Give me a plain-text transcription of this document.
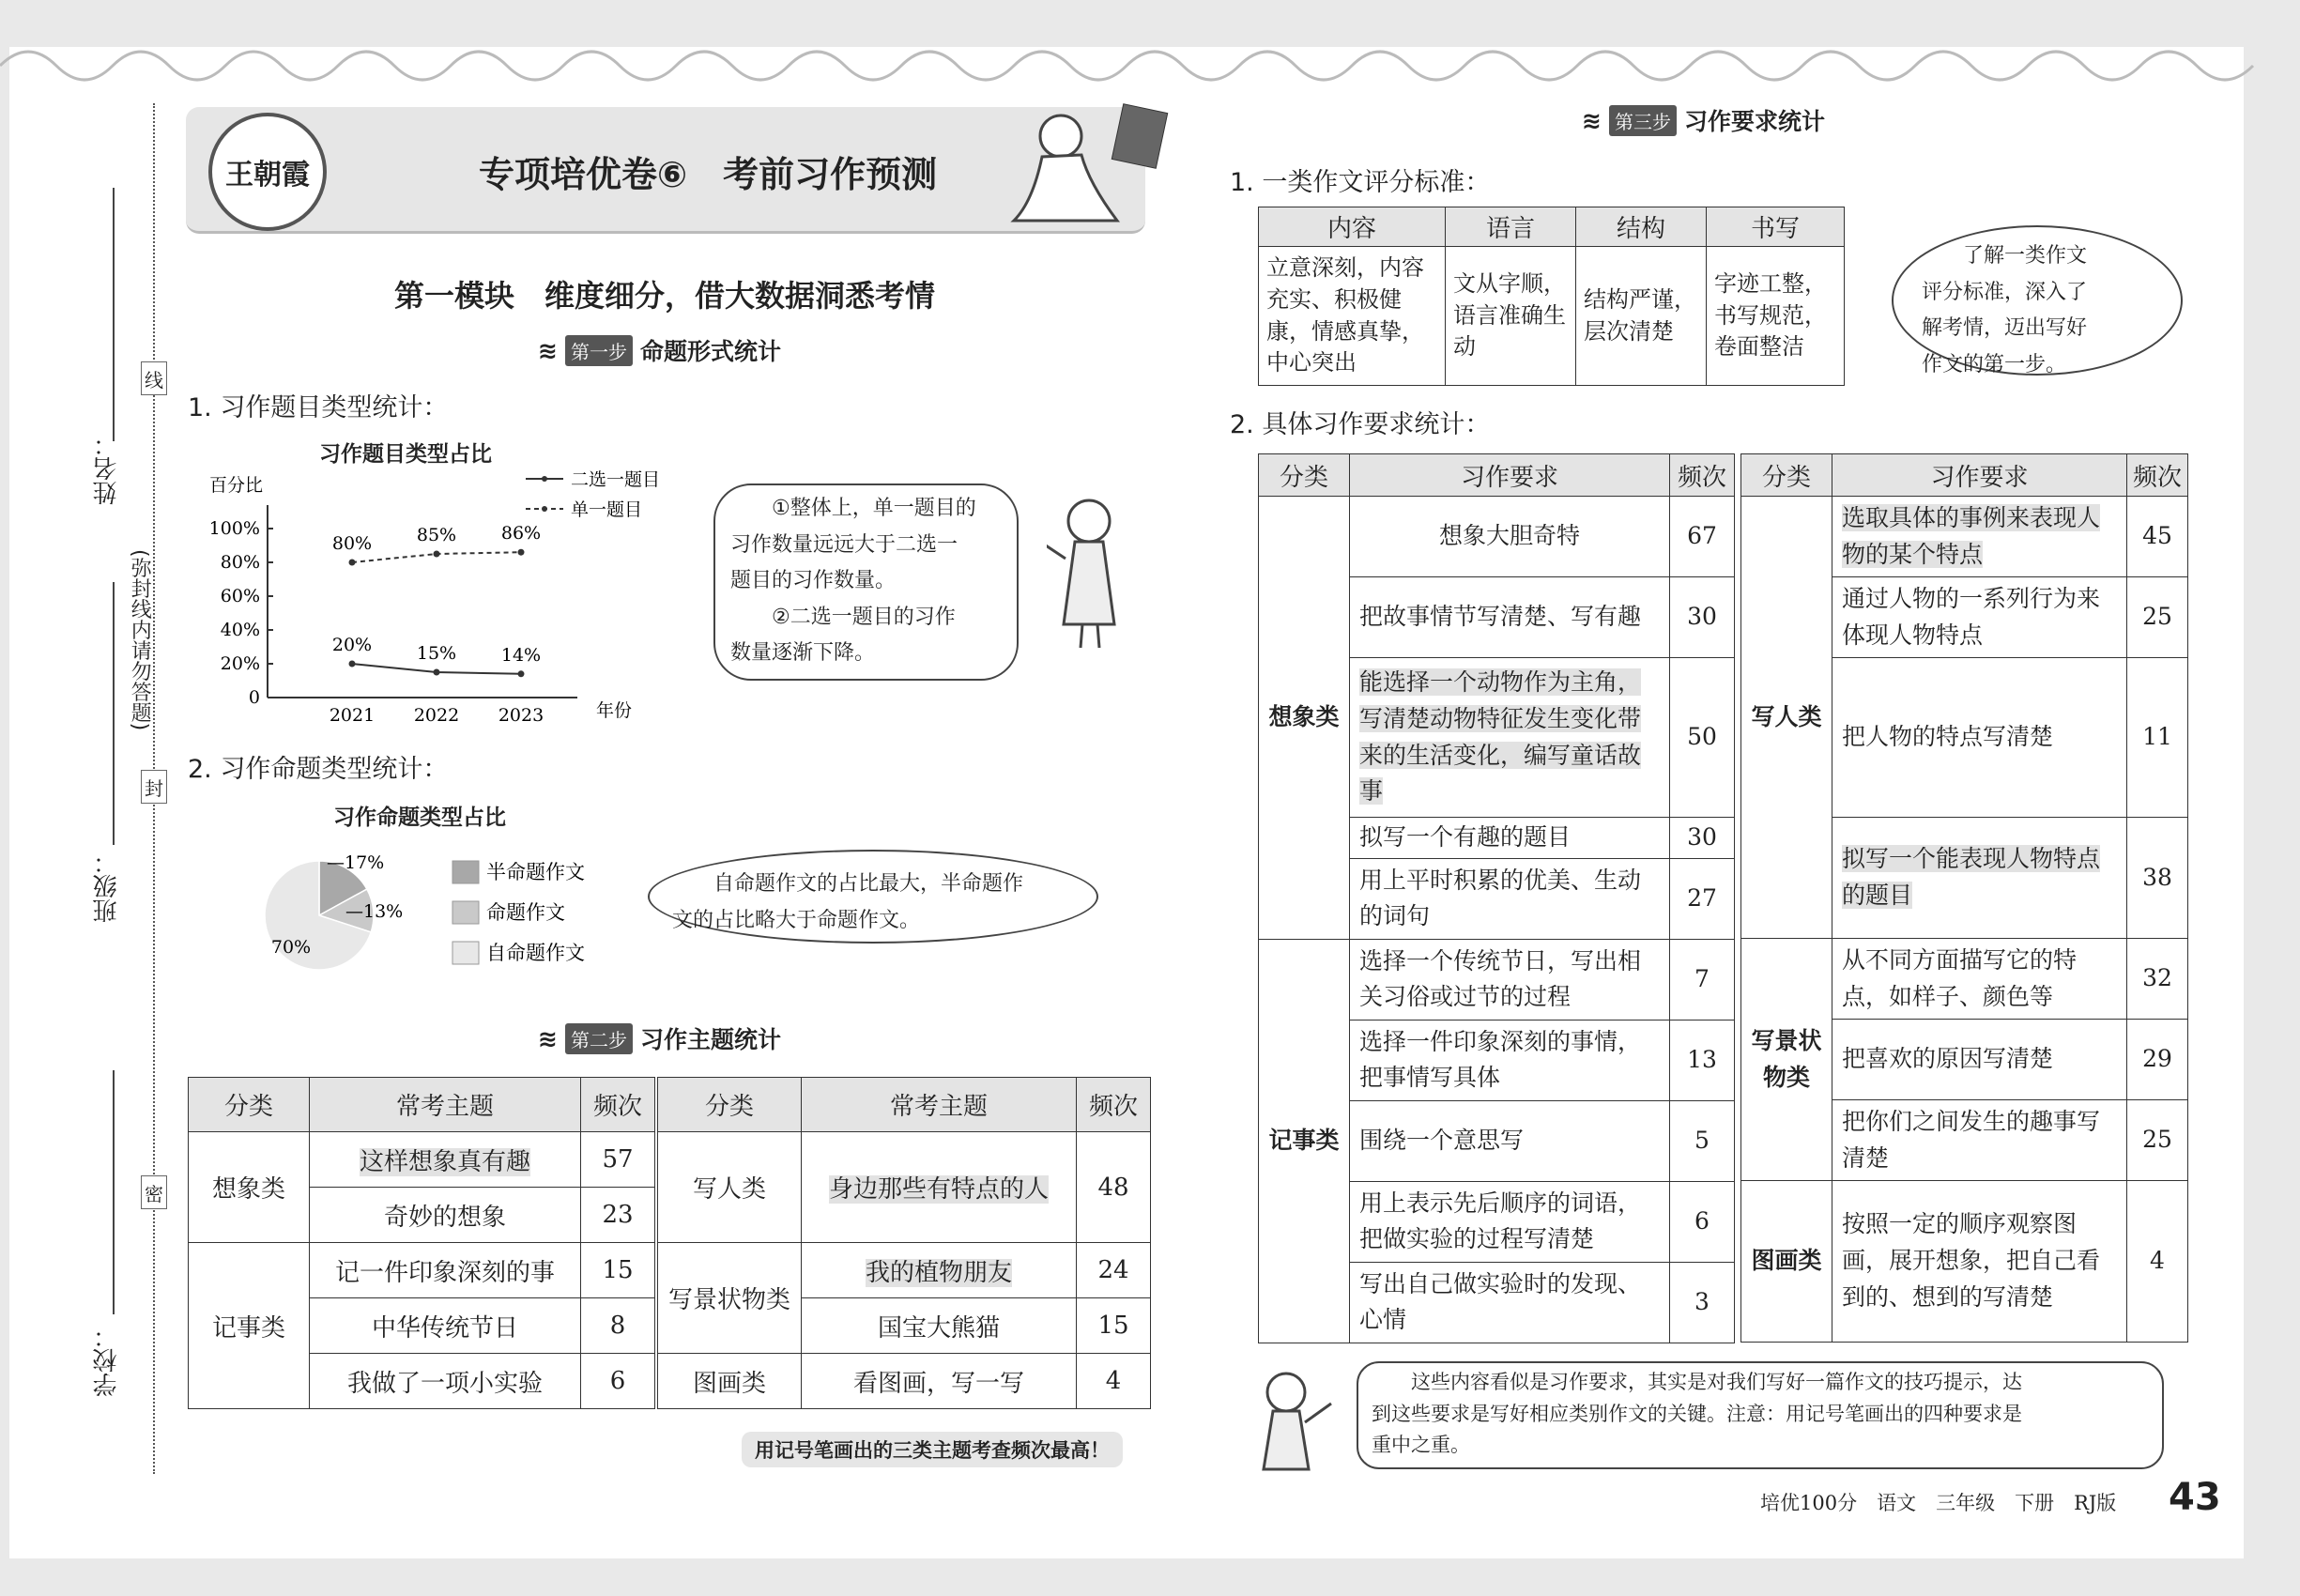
姓名：
班级：
学校：
线
封
密
(弥封线内请勿答题)
王朝霞	专项培优卷⑥　考前习作预测
第一模块　维度细分，借大数据洞悉考情
≋ 第一步 命题形式统计
1. 习作题目类型统计：
习作题目类型占比
百分比
年份
0
20%
40%
60%
80%
100%
2021 2022 2023
20%	15%	14%
二选一题目
80%	85%	86%
单一题目	①整体上，单一题目的
习作数量远远大于二选一
题目的习作数量。
②二选一题目的习作
数量逐渐下降。
2. 习作命题类型统计：
习作命题类型占比
—17%	半命题作文
—13%	命题作文
70%	自命题作文
自命题作文的占比最大，半命题作
文的占比略大于命题作文。
≋ 第二步 习作主题统计
分类	常考主题	频次
想象类	这样想象真有趣	57
	奇妙的想象	23
记事类	记一件印象深刻的事	15
	中华传统节日	8
	我做了一项小实验	6
分类	常考主题	频次
写人类	身边那些有特点的人	48
写景状物类	我的植物朋友	24
	国宝大熊猫	15
图画类	看图画，写一写	4
用记号笔画出的三类主题考查频次最高！
≋ 第三步 习作要求统计
1. 一类作文评分标准：
内容	语言	结构	书写
立意深刻，内容充实、积极健康，情感真挚，中心突出	文从字顺，语言准确生动	结构严谨，层次清楚	字迹工整，书写规范，卷面整洁
了解一类作文
评分标准，深入了
解考情，迈出写好
作文的第一步。
2. 具体习作要求统计：
分类	习作要求	频次
想象类	想象大胆奇特	67
	把故事情节写清楚、写有趣	30
	能选择一个动物作为主角，写清楚动物特征发生变化带来的生活变化，编写童话故事	50
	拟写一个有趣的题目	30
	用上平时积累的优美、生动的词句	27
记事类	选择一个传统节日，写出相关习俗或过节的过程	7
	选择一件印象深刻的事情，把事情写具体	13
	围绕一个意思写	5
	用上表示先后顺序的词语，把做实验的过程写清楚	6
	写出自己做实验时的发现、心情	3
分类	习作要求	频次
写人类	选取具体的事例来表现人物的某个特点	45
	通过人物的一系列行为来体现人物特点	25
	把人物的特点写清楚	11
	拟写一个能表现人物特点的题目	38
写景状物类	从不同方面描写它的特点，如样子、颜色等	32
	把喜欢的原因写清楚	29
	把你们之间发生的趣事写清楚	25
图画类	按照一定的顺序观察图画，展开想象，把自己看到的、想到的写清楚	4
这些内容看似是习作要求，其实是对我们写好一篇作文的技巧提示，达
到这些要求是写好相应类别作文的关键。注意：用记号笔画出的四种要求是
重中之重。
培优100分　语文　三年级　下册　RJ版 43
